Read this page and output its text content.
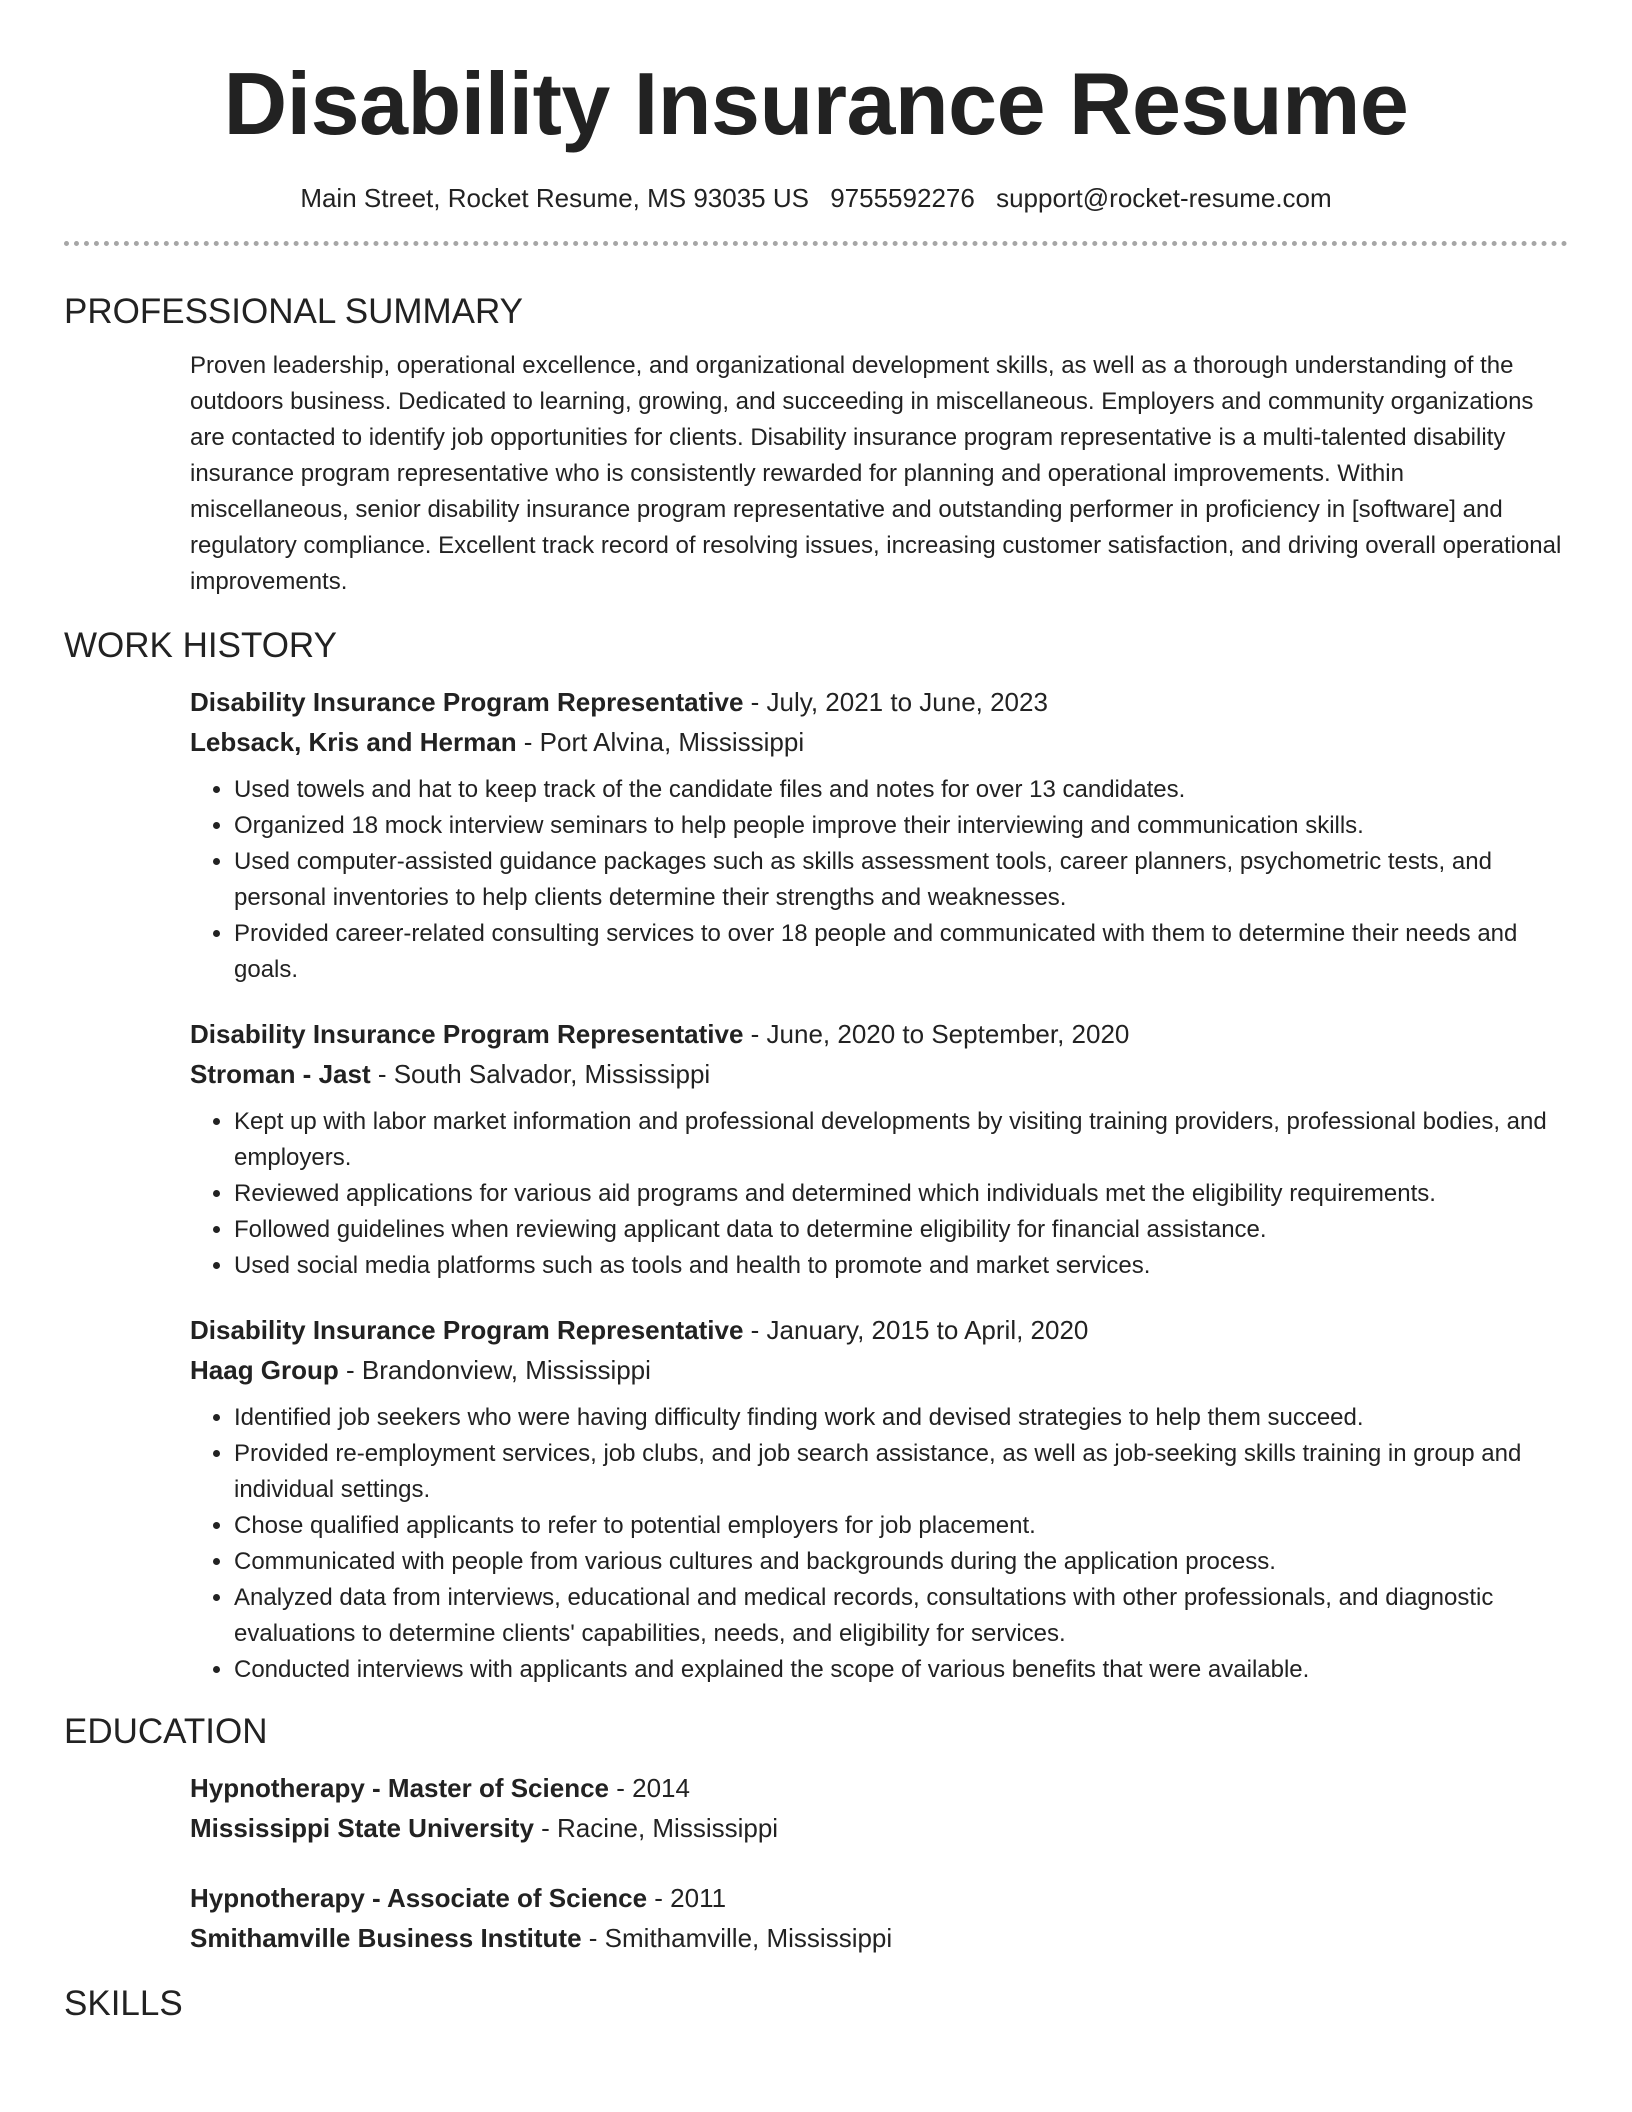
Disability Insurance Resume
Main Street, Rocket Resume, MS 93035 US 9755592276 support@rocket-resume.com
PROFESSIONAL SUMMARY

Proven leadership, operational excellence, and organizational development skills, as well as a thorough understanding of the outdoors business. Dedicated to learning, growing, and succeeding in miscellaneous. Employers and community organizations are contacted to identify job opportunities for clients. Disability insurance program representative is a multi-talented disability insurance program representative who is consistently rewarded for planning and operational improvements. Within miscellaneous, senior disability insurance program representative and outstanding performer in proficiency in [software] and regulatory compliance. Excellent track record of resolving issues, increasing customer satisfaction, and driving overall operational improvements.

WORK HISTORY
Disability Insurance Program Representative - July, 2021 to June, 2023
Lebsack, Kris and Herman - Port Alvina, Mississippi
• Used towels and hat to keep track of the candidate files and notes for over 13 candidates.
• Organized 18 mock interview seminars to help people improve their interviewing and communication skills.
• Used computer-assisted guidance packages such as skills assessment tools, career planners, psychometric tests, and personal inventories to help clients determine their strengths and weaknesses.
• Provided career-related consulting services to over 18 people and communicated with them to determine their needs and goals.
Disability Insurance Program Representative - June, 2020 to September, 2020
Stroman - Jast - South Salvador, Mississippi
• Kept up with labor market information and professional developments by visiting training providers, professional bodies, and employers.
• Reviewed applications for various aid programs and determined which individuals met the eligibility requirements.
• Followed guidelines when reviewing applicant data to determine eligibility for financial assistance.
• Used social media platforms such as tools and health to promote and market services.
Disability Insurance Program Representative - January, 2015 to April, 2020
Haag Group - Brandonview, Mississippi
• Identified job seekers who were having difficulty finding work and devised strategies to help them succeed.
• Provided re-employment services, job clubs, and job search assistance, as well as job-seeking skills training in group and individual settings.
• Chose qualified applicants to refer to potential employers for job placement.
• Communicated with people from various cultures and backgrounds during the application process.
• Analyzed data from interviews, educational and medical records, consultations with other professionals, and diagnostic evaluations to determine clients' capabilities, needs, and eligibility for services.
• Conducted interviews with applicants and explained the scope of various benefits that were available.
EDUCATION
Hypnotherapy - Master of Science - 2014
Mississippi State University - Racine, Mississippi
Hypnotherapy - Associate of Science - 2011
Smithamville Business Institute - Smithamville, Mississippi
SKILLS
